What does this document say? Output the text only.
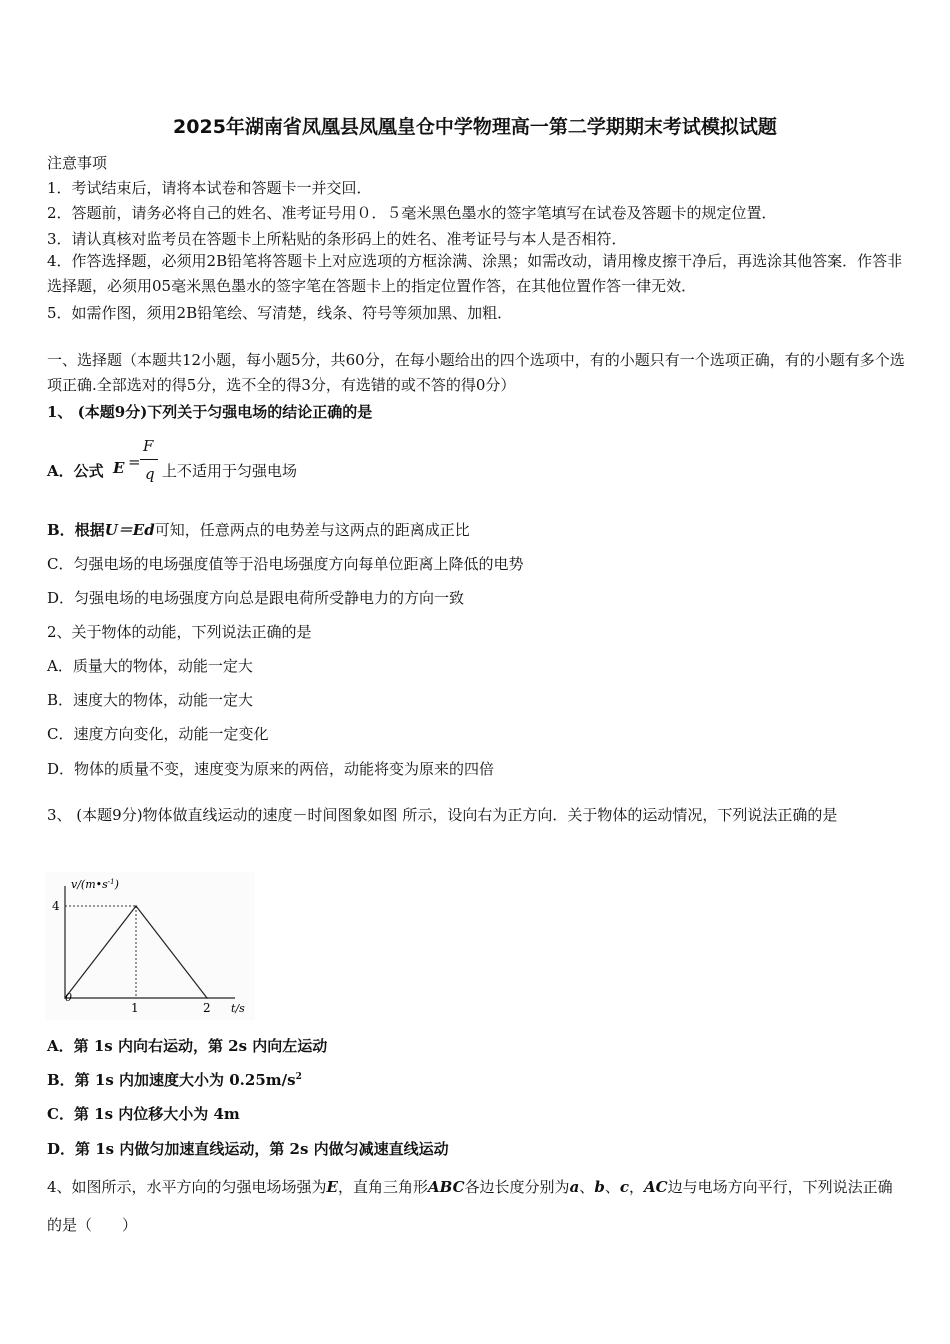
2025年湖南省凤凰县凤凰皇仓中学物理高一第二学期期末考试模拟试题
注意事项
1．考试结束后，请将本试卷和答题卡一并交回．
2．答题前，请务必将自己的姓名、准考证号用０．５毫米黑色墨水的签字笔填写在试卷及答题卡的规定位置．
3．请认真核对监考员在答题卡上所粘贴的条形码上的姓名、准考证号与本人是否相符．
4．作答选择题，必须用2B铅笔将答题卡上对应选项的方框涂满、涂黑；如需改动，请用橡皮擦干净后，再选涂其他答案．作答非选择题，必须用05毫米黑色墨水的签字笔在答题卡上的指定位置作答，在其他位置作答一律无效．
5．如需作图，须用2B铅笔绘、写清楚，线条、符号等须加黑、加粗．
一、选择题（本题共12小题，每小题5分，共60分，在每小题给出的四个选项中，有的小题只有一个选项正确，有的小题有多个选项正确.全部选对的得5分，选不全的得3分，有选错的或不答的得0分）
1、 (本题9分)下列关于匀强电场的结论正确的是
A．公式 E =
F
q 上不适用于匀强电场
B．根据U＝Ed可知，任意两点的电势差与这两点的距离成正比
C．匀强电场的电场强度值等于沿电场强度方向每单位距离上降低的电势
D．匀强电场的电场强度方向总是跟电荷所受静电力的方向一致
2、关于物体的动能，下列说法正确的是
A．质量大的物体，动能一定大
B．速度大的物体，动能一定大
C．速度方向变化，动能一定变化
D．物体的质量不变，速度变为原来的两倍，动能将变为原来的四倍
3、 (本题9分)物体做直线运动的速度－时间图象如图 所示，设向右为正方向．关于物体的运动情况，下列说法正确的是
$v/(m•s^{-1})$
4
0
1	2 t/s
A．第 1s 内向右运动，第 2s 内向左运动
B．第 1s 内加速度大小为 $0.25m/s^2$
C．第 1s 内位移大小为 4m
D．第 1s 内做匀加速直线运动，第 2s 内做匀减速直线运动
4、如图所示，水平方向的匀强电场场强为E，直角三角形ABC各边长度分别为a、b、c，AC边与电场方向平行，下列说法正确的是（　　）
